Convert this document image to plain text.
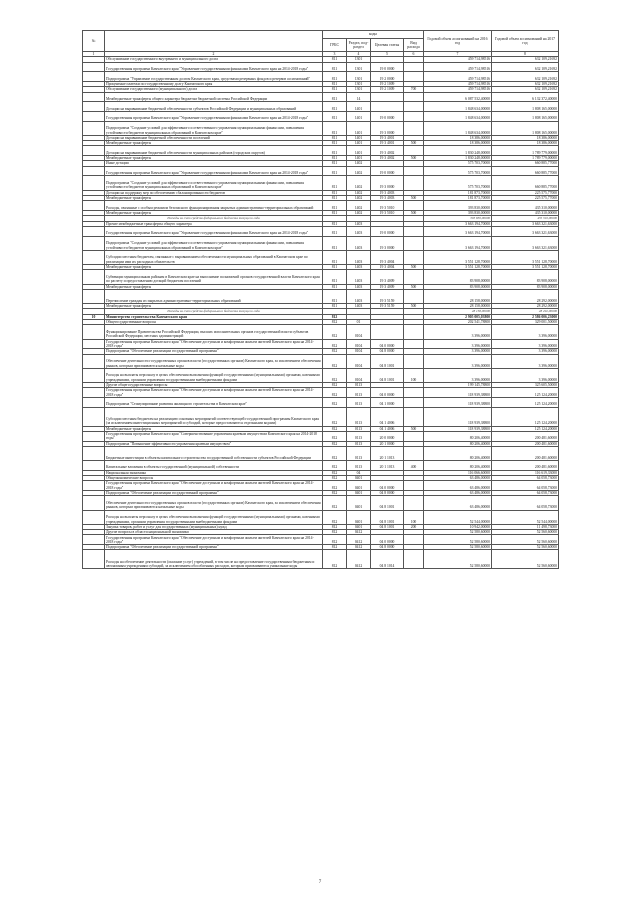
№		коды				Годовой объем ассигнований на 2016 год	Годовой объем ассигнований на 2017 год
		ГРБС	Раздел, под-раздел	Целевая статья	Вид расхода		
1	2	3	4	5	6	7	8
	Обслуживание государственного внутреннего и муниципального долга	811	1301			459 714,98516	632 109,21692
	Государственная программа Камчатского края "Управление государственными финансами Камчатского края на 2014-2018 годы"	811	1301	19 0 0000		459 714,98516	632 109,21692
	Подпрограмма "Управление государственным долгом Камчатского края, средствами резервных фондов и резервов ассигнований"	811	1301	19 2 0000		459 714,98516	632 109,21692
	Процентные платежи по государственному долгу Камчатского края	811	1301	19 2 1009		459 714,98516	632 109,21692
	Обслуживание государственного (муниципального) долга	811	1301	19 2 1009	700	459 714,98516	632 109,21692
	Межбюджетные трансферты общего характера бюджетам бюджетной системы Российской Федерации	811	14			6 087 532,40000	6 132 372,40000
	Дотации на выравнивание бюджетной обеспеченности субъектов Российской Федерации и муниципальных образований	811	1401			1 848 634,00000	1 808 165,00000
	Государственная программа Камчатского края "Управление государственными финансами Камчатского края на 2014-2018 годы"	811	1401	19 0 0000		1 848 634,00000	1 808 165,00000
	Подпрограмма "Создание условий для эффективного и ответственного управления муниципальными финансами, повышения устойчивости бюджетов муниципальных образований в Камчатском крае"	811	1401	19 3 0000		1 848 634,00000	1 808 165,00000
	Дотации на выравнивание бюджетной обеспеченности поселений	811	1401	19 3 4001		18 386,00000	18 386,00000
	Межбюджетные трансферты	811	1401	19 3 4001	500	18 386,00000	18 386,00000
	Дотации на выравнивание бюджетной обеспеченности муниципальных районов (городских округов)	811	1401	19 3 4002		1 830 248,00000	1 789 779,00000
	Межбюджетные трансферты	811	1401	19 3 4002	500	1 830 248,00000	1 789 779,00000
	Иные дотации	811	1402			575 703,70000	660 885,77000
	Государственная программа Камчатского края "Управление государственными финансами Камчатского края на 2014-2018 годы"	811	1402	19 0 0000		575 703,70000	660 885,77000
	Подпрограмма "Создание условий для эффективного и ответственного управления муниципальными финансами, повышения устойчивости бюджетов муниципальных образований в Камчатском крае"	811	1402	19 3 0000		575 703,70000	660 885,77000
	Дотации на поддержку мер по обеспечению сбалансированности бюджетов	811	1402	19 3 4003		181 873,70000	225 575,77000
	Межбюджетные трансферты	811	1402	19 3 4003	500	181 873,70000	225 575,77000
	Расходы, связанные с особым режимом безопасного функционирования закрытых административно-территориальных образований	811	1402	19 3 5010		393 830,00000	435 310,00000
	Межбюджетные трансферты	811	1402	19 3 5010	500	393 830,00000	435 310,00000
	Расходы за счет средств федерального бюджета текущего года					393 830,00000	435 310,00000
	Прочие межбюджетные трансферты общего характера	811	1403			3 663 194,70000	3 663 321,63000
	Государственная программа Камчатского края "Управление государственными финансами Камчатского края на 2014-2018 годы"	811	1403	19 0 0000		3 663 194,70000	3 663 321,63000
	Подпрограмма "Создание условий для эффективного и ответственного управления муниципальными финансами, повышения устойчивости бюджетов муниципальных образований в Камчатском крае"	811	1403	19 3 0000		3 663 194,70000	3 663 321,63000
	Субсидии местным бюджетам, связанные с выравниванием обеспеченности муниципальных образований в Камчатском крае по реализации ими их расходных обязательств	811	1403	19 3 4004		3 551 128,70000	3 551 128,70000
	Межбюджетные трансферты	811	1403	19 3 4004	500	3 551 128,70000	3 551 128,70000
	Субвенции муниципальным районам в Камчатском крае на выполнение полномочий органов государственной власти Камчатского края по расчету и предоставлению дотаций бюджетам поселений	811	1403	19 3 4009		83 908,00000	83 908,00000
	Межбюджетные трансферты	811	1403	19 3 4009	500	83 908,00000	83 908,00000
	Перечисление граждан из закрытых административно-территориальных образований	811	1403	19 3 5159		28 158,00000	28 292,00000
	Межбюджетные трансферты	811	1403	19 3 5159	500	28 158,00000	28 292,00000
	Расходы за счет средств федерального бюджета текущего года					28 158,00000	28 292,00000
10	Министерство строительства Камчатского края	812				2 905 005,03800	2 586 006,23000
	Общегосударственные вопросы	812	01			202 541,78800	329 001,50000
	Функционирование Правительства Российской Федерации, высших исполнительных органов государственной власти субъектов Российской Федерации, местных администраций	812	0104			3 396,00000	3 396,00000
	Государственная программа Камчатского края "Обеспечение доступным и комфортным жильем жителей Камчатского края на 2014-2018 годы"	812	0104	04 0 0000		3 396,00000	3 396,00000
	Подпрограмма "Обеспечение реализации государственной программы"	812	0104	04 8 0000		3 396,00000	3 396,00000
	Обеспечение деятельности государственных органов власти (государственных органов) Камчатского края, за исключением обеспечения рынков, которым присваиваются начальные коды	812	0104	04 8 1001		3 396,00000	3 396,00000
	Расходы на выплаты персоналу в целях обеспечения выполнения функций государственными (муниципальными) органами, казенными учреждениями, органами управления государственными внебюджетными фондами	812	0104	04 8 1001	100	3 396,00000	3 396,00000
	Другие общегосударственные вопросы	812	0113			199 145,78800	325 605,50000
	Государственная программа Камчатского края "Обеспечение доступным и комфортным жильем жителей Камчатского края на 2014-2018 годы"	812	0113	04 0 0000		118 939,38800	125 124,20000
	Подпрограмма "Стимулирование развития жилищного строительства в Камчатском крае"	812	0113	04 1 0000		118 939,38800	125 124,20000
	Субсидии местным бюджетам на реализацию основных мероприятий соответствующей государственной программы Камчатского края (за исключением инвестиционных мероприятий и субсидий, которые предоставляются отдельными кодами)	812	0113	04 1 4006		118 939,38800	125 124,20000
	Межбюджетные трансферты	812	0113	04 1 4006	500	118 939,38800	125 124,20000
	Государственная программа Камчатского края "Совершенствование управления краевым имуществом Камчатского края на 2014-2018 годы"	812	0113	20 0 0000		80 206,40000	200 481,60000
	Подпрограмма "Повышение эффективности управления краевым имуществом"	812	0113	20 1 0000		80 206,40000	200 481,60000
	Бюджетные инвестиции в объекты капитального строительства государственной собственности субъектов Российской Федерации	812	0113	20 1 1013		80 206,40000	200 481,60000
	Капитальные вложения в объекты государственной (муниципальной) собственности	812	0113	20 1 1013	400	80 206,40000	200 481,60000
	Национальная экономика	812	04			116 066,60000	116 619,33000
	Общеэкономические вопросы	812	0401			63 486,00000	64 058,73000
	Государственная программа Камчатского края "Обеспечение доступным и комфортным жильем жителей Камчатского края на 2014-2018 годы"	812	0401	04 0 0000		63 486,00000	64 058,73000
	Подпрограмма "Обеспечение реализации государственной программы"	812	0401	04 8 0000		63 486,00000	64 058,73000
	Обеспечение деятельности государственных органов власти (государственных органов) Камчатского края, за исключением обеспечения рынков, которым присваиваются начальные коды	812	0401	04 8 1001		63 486,00000	64 058,73000
	Расходы на выплаты персоналу в целях обеспечения выполнения функций государственными (муниципальными) органами, казенными учреждениями, органами управления государственными внебюджетными фондами	812	0401	04 8 1001	100	52 544,00000	52 544,00000
	Закупка товаров, работ и услуг для государственных (муниципальных) нужд	812	0401	04 8 1001	200	10 942,00000	11 498,73000
	Другие вопросы в области национальной экономики	812	0412			52 580,60000	52 560,60000
	Государственная программа Камчатского края "Обеспечение доступным и комфортным жильем жителей Камчатского края на 2014-2018 годы"	812	0412	04 0 0000		52 580,60000	52 560,60000
	Подпрограмма "Обеспечение реализации государственной программы"	812	0412	04 8 0000		52 580,60000	52 560,60000
	Расходы на обеспечение деятельности (оказание услуг) учреждений, в том числе на предоставление государственным бюджетным и автономным учреждениям субсидий, за исключением обособленных расходов, которым присваиваются уникальные коды	812	0412	04 8 1014		52 580,60000	52 560,60000
7
